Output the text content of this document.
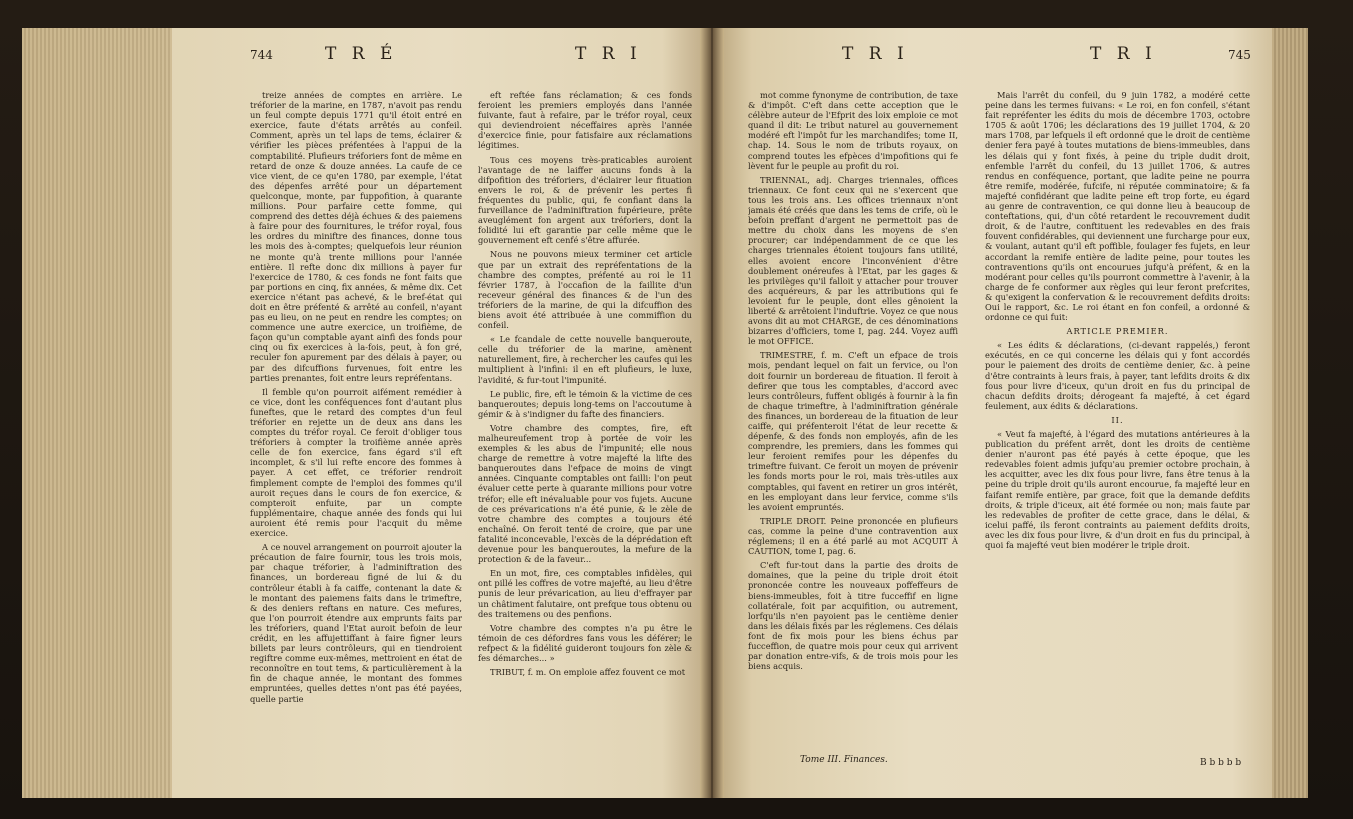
744	T R É	T R I

treize années de comptes en arrière. Le tréforier de la marine, en 1787, n'avoit pas rendu un feul compte depuis 1771 qu'il étoit entré en exercice, faute d'états arrêtés au confeil. Comment, après un tel laps de tems, éclairer & vérifier les pièces préfentées à l'appui de la comptabilité. Plufieurs tréforiers font de même en retard de onze & douze années. La caufe de ce vice vient, de ce qu'en 1780, par exemple, l'état des dépenfes arrêté pour un département quelconque, monte, par fuppofition, à quarante millions. Pour parfaire cette fomme, qui comprend des dettes déjà échues & des paiemens à faire pour des fournitures, le tréfor royal, fous les ordres du miniftre des finances, donne tous les mois des à-comptes; quelquefois leur réunion ne monte qu'à trente millions pour l'année entière. Il refte donc dix millions à payer fur l'exercice de 1780, & ces fonds ne font faits que par portions en cinq, fix années, & même dix. Cet exercice n'étant pas achevé, & le bref-état qui doit en être préfenté & arrêté au confeil, n'ayant pas eu lieu, on ne peut en rendre les comptes; on commence une autre exercice, un troifième, de façon qu'un comptable ayant ainfi des fonds pour cinq ou fix exercices à la-fois, peut, à fon gré, reculer fon apurement par des délais à payer, ou par des difcuffions furvenues, foit entre les parties prenantes, foit entre leurs repréfentans.

Il femble qu'on pourroit aifément remédier à ce vice, dont les conféquences font d'autant plus funeftes, que le retard des comptes d'un feul tréforier en rejette un de deux ans dans les comptes du tréfor royal. Ce feroit d'obliger tous tréforiers à compter la troifième année après celle de fon exercice, fans égard s'il eft incomplet, & s'il lui refte encore des fommes à payer. A cet effet, ce tréforier rendroit fimplement compte de l'emploi des fommes qu'il auroit reçues dans le cours de fon exercice, & compteroit enfuite, par un compte fupplémentaire, chaque année des fonds qui lui auroient été remis pour l'acquit du même exercice.

A ce nouvel arrangement on pourroit ajouter la précaution de faire fournir, tous les trois mois, par chaque tréforier, à l'adminiftration des finances, un bordereau figné de lui & du contrôleur établi à fa caiffe, contenant la date & le montant des paiemens faits dans le trimeftre, & des deniers reftans en nature. Ces mefures, que l'on pourroit étendre aux emprunts faits par les tréforiers, quand l'Etat auroit befoin de leur crédit, en les affujettiffant à faire figner leurs billets par leurs contrôleurs, qui en tiendroient regiftre comme eux-mêmes, mettroient en état de reconnoître en tout tems, & particulièrement à la fin de chaque année, le montant des fommes empruntées, quelles dettes n'ont pas été payées, quelle partie

eft reftée fans réclamation; & ces fonds feroient les premiers employés dans l'année fuivante, faut à refaire, par le tréfor royal, ceux qui deviendroient néceffaires après l'année d'exercice finie, pour fatisfaire aux réclamations légitimes.

Tous ces moyens très-praticables auroient l'avantage de ne laiffer aucuns fonds à la difpofition des tréforiers, d'éclairer leur fituation envers le roi, & de prévenir les pertes fi fréquentes du public, qui, fe confiant dans la furveillance de l'adminiftration fupérieure, prête aveuglément fon argent aux tréforiers, dont la folidité lui eft garantie par celle même que le gouvernement eft cenfé s'être affurée.

Nous ne pouvons mieux terminer cet article que par un extrait des repréfentations de la chambre des comptes, préfenté au roi le 11 février 1787, à l'occafion de la faillite d'un receveur général des finances & de l'un des tréforiers de la marine, de qui la difcuffion des biens avoit été attribuée à une commiffion du confeil.

« Le fcandale de cette nouvelle banqueroute, celle du tréforier de la marine, amènent naturellement, fire, à rechercher les caufes qui les multiplient à l'infini: il en eft plufieurs, le luxe, l'avidité, & fur-tout l'impunité.

Le public, fire, eft le témoin & la victime de ces banqueroutes; depuis long-tems on l'accoutume à gémir & à s'indigner du fafte des financiers.

Votre chambre des comptes, fire, eft malheureufement trop à portée de voir les exemples & les abus de l'impunité; elle nous charge de remettre à votre majefté la lifte des banqueroutes dans l'efpace de moins de vingt années. Cinquante comptables ont failli: l'on peut évaluer cette perte à quarante millions pour votre tréfor; elle eft inévaluable pour vos fujets. Aucune de ces prévarications n'a été punie, & le zèle de votre chambre des comptes a toujours été enchaîné. On feroit tenté de croire, que par une fatalité inconcevable, l'excès de la déprédation eft devenue pour les banqueroutes, la mefure de la protection & de la faveur...

En un mot, fire, ces comptables infidèles, qui ont pillé les coffres de votre majefté, au lieu d'être punis de leur prévarication, au lieu d'effrayer par un châtiment falutaire, ont prefque tous obtenu ou des traitemens ou des penfions.

Votre chambre des comptes n'a pu être le témoin de ces défordres fans vous les déférer; le refpect & la fidélité guideront toujours fon zèle & fes démarches... »

TRIBUT, f. m. On emploie affez fouvent ce mot

T R I	T R I	745

mot comme fynonyme de contribution, de taxe & d'impôt. C'eft dans cette acception que le célèbre auteur de l'Efprit des loix emploie ce mot quand il dit: Le tribut naturel au gouvernement modéré eft l'impôt fur les marchandifes; tome II, chap. 14. Sous le nom de tributs royaux, on comprend toutes les efpèces d'impofitions qui fe lèvent fur le peuple au profit du roi.

TRIENNAL, adj. Charges triennales, offices triennaux. Ce font ceux qui ne s'exercent que tous les trois ans. Les offices triennaux n'ont jamais été créés que dans les tems de crife, où le befoin preffant d'argent ne permettoit pas de mettre du choix dans les moyens de s'en procurer; car indépendamment de ce que les charges triennales étoient toujours fans utilité, elles avoient encore l'inconvénient d'être doublement onéreufes à l'Etat, par les gages & les privilèges qu'il falloit y attacher pour trouver des acquéreurs, & par les attributions qui fe levoient fur le peuple, dont elles gênoient la liberté & arrêtoient l'induftrie. Voyez ce que nous avons dit au mot CHARGE, de ces dénominations bizarres d'officiers, tome I, pag. 244. Voyez auffi le mot OFFICE.

TRIMESTRE, f. m. C'eft un efpace de trois mois, pendant lequel on fait un fervice, ou l'on doit fournir un bordereau de fituation. Il feroit à defirer que tous les comptables, d'accord avec leurs contrôleurs, fuffent obligés à fournir à la fin de chaque trimeftre, à l'adminiftration générale des finances, un bordereau de la fituation de leur caiffe, qui préfenteroit l'état de leur recette & dépenfe, & des fonds non employés, afin de les comprendre, les premiers, dans les fommes qui leur feroient remifes pour les dépenfes du trimeftre fuivant. Ce feroit un moyen de prévenir les fonds morts pour le roi, mais très-utiles aux comptables, qui favent en retirer un gros intérêt, en les employant dans leur fervice, comme s'ils les avoient empruntés.

TRIPLE DROIT. Peine prononcée en plufieurs cas, comme la peine d'une contravention aux réglemens; il en a été parlé au mot ACQUIT À CAUTION, tome I, pag. 6.

C'eft fur-tout dans la partie des droits de domaines, que la peine du triple droit étoit prononcée contre les nouveaux poffeffeurs de biens-immeubles, foit à titre fucceffif en ligne collatérale, foit par acquifition, ou autrement, lorfqu'ils n'en payoient pas le centième denier dans les délais fixés par les réglemens. Ces délais font de fix mois pour les biens échus par fucceffion, de quatre mois pour ceux qui arrivent par donation entre-vifs, & de trois mois pour les biens acquis.

Mais l'arrêt du confeil, du 9 juin 1782, a modéré cette peine dans les termes fuivans: « Le roi, en fon confeil, s'étant fait repréfenter les édits du mois de décembre 1703, octobre 1705 & août 1706; les déclarations des 19 juillet 1704, & 20 mars 1708, par lefquels il eft ordonné que le droit de centième denier fera payé à toutes mutations de biens-immeubles, dans les délais qui y font fixés, à peine du triple dudit droit, enfemble l'arrêt du confeil, du 13 juillet 1706, & autres rendus en conféquence, portant, que ladite peine ne pourra être remife, modérée, fufcife, ni réputée comminatoire; & fa majefté confidérant que ladite peine eft trop forte, eu égard au genre de contravention, ce qui donne lieu à beaucoup de conteftations, qui, d'un côté retardent le recouvrement dudit droit, & de l'autre, conftituent les redevables en des frais fouvent confidérables, qui deviennent une furcharge pour eux, & voulant, autant qu'il eft poffible, foulager fes fujets, en leur accordant la remife entière de ladite peine, pour toutes les contraventions qu'ils ont encourues jufqu'à préfent, & en la modérant pour celles qu'ils pourront commettre à l'avenir, à la charge de fe conformer aux règles qui leur feront prefcrites, & qu'exigent la confervation & le recouvrement defdits droits: Oui le rapport, &c. Le roi étant en fon confeil, a ordonné & ordonne ce qui fuit:

ARTICLE PREMIER.

« Les édits & déclarations, (ci-devant rappelés,) feront exécutés, en ce qui concerne les délais qui y font accordés pour le paiement des droits de centième denier, &c. à peine d'être contraints à leurs frais, à payer, tant lefdits droits & dix fous pour livre d'iceux, qu'un droit en fus du principal de chacun defdits droits; dérogeant fa majefté, à cet égard feulement, aux édits & déclarations.

II.

« Veut fa majefté, à l'égard des mutations antérieures à la publication du préfent arrêt, dont les droits de centième denier n'auront pas été payés à cette époque, que les redevables foient admis jufqu'au premier octobre prochain, à les acquitter, avec les dix fous pour livre, fans être tenus à la peine du triple droit qu'ils auront encourue, fa majefté leur en faifant remife entière, par grace, foit que la demande defdits droits, & triple d'iceux, ait été formée ou non; mais faute par les redevables de profiter de cette grace, dans le délai, & icelui paffé, ils feront contraints au paiement defdits droits, avec les dix fous pour livre, & d'un droit en fus du principal, à quoi fa majefté veut bien modérer le triple droit.

Tome III. Finances.	B b b b b
